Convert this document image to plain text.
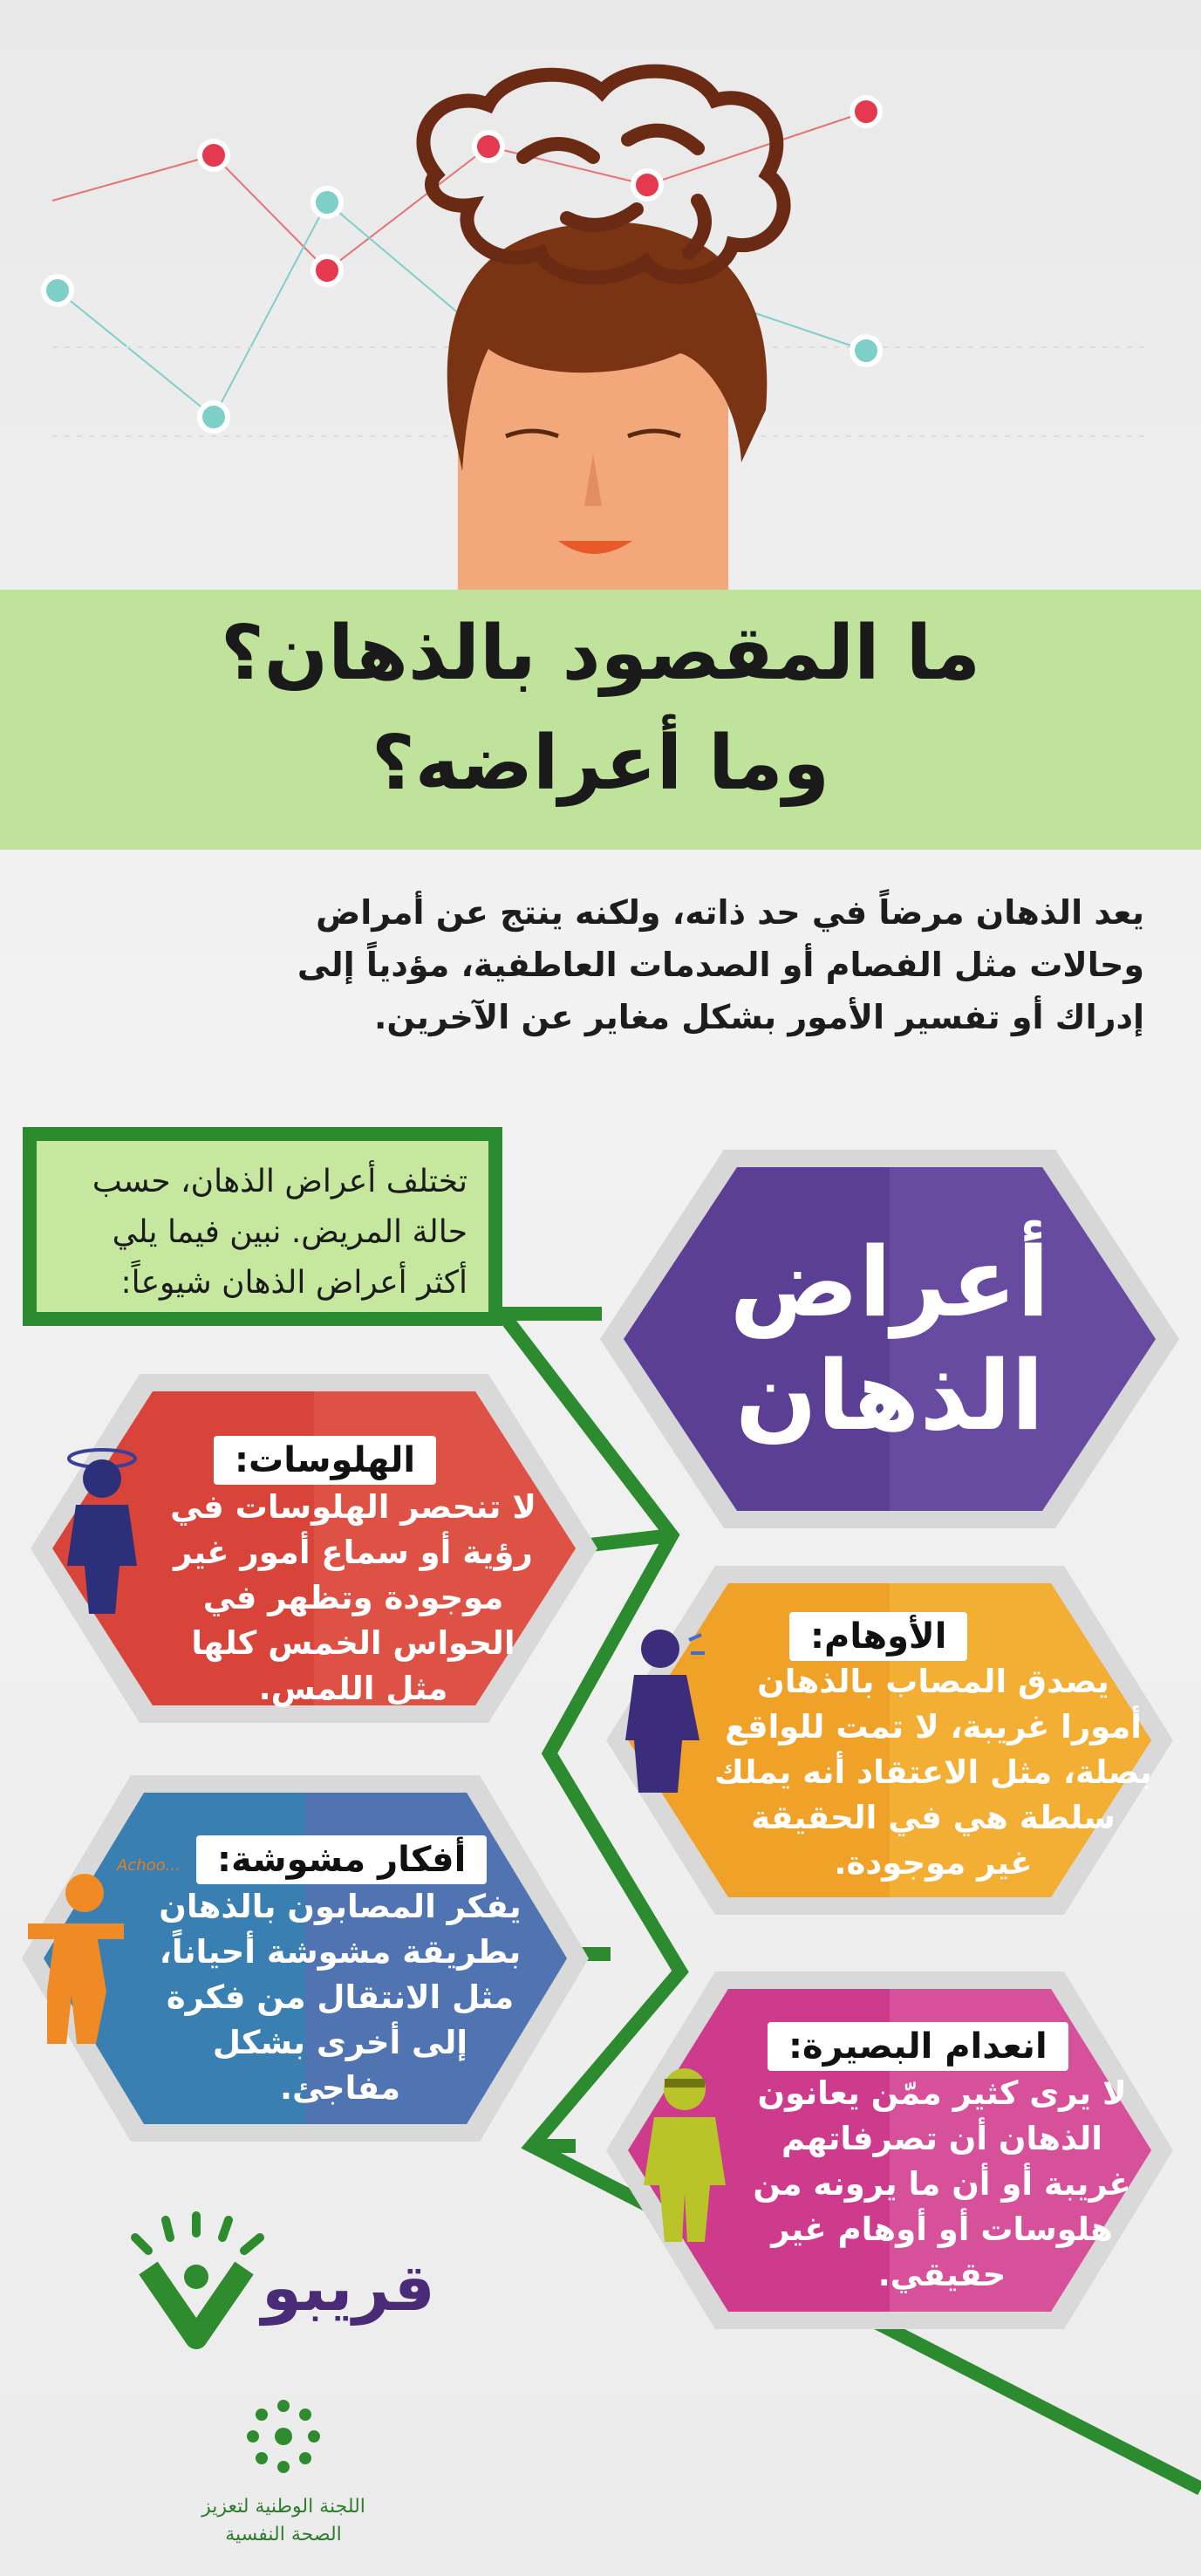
ما المقصود بالذهان؟
وما أعراضه؟
يعد الذهان مرضاً في حد ذاته، ولكنه ينتج عن أمراض
وحالات مثل الفصام أو الصدمات العاطفية، مؤدياً إلى
إدراك أو تفسير الأمور بشكل مغاير عن الآخرين.
تختلف أعراض الذهان، حسب
حالة المريض. نبين فيما يلي
أكثر أعراض الذهان شيوعاً:	أعراض
الذهان
الهلوسات:
لا تنحصر الهلوسات في
رؤية أو سماع أمور غير
موجودة وتظهر في
الحواس الخمس كلها
مثل اللمس.
الأوهام:
يصدق المصاب بالذهان
أمورا غريبة، لا تمت للواقع
بصلة، مثل الاعتقاد أنه يملك
سلطة هي في الحقيقة
غير موجودة.
Achoo...	أفكار مشوشة:
يفكر المصابون بالذهان
بطريقة مشوشة أحياناً،
مثل الانتقال من فكرة
إلى أخرى بشكل
مفاجئ.
انعدام البصيرة:
لا يرى كثير ممّن يعانون
الذهان أن تصرفاتهم
غريبة أو أن ما يرونه من
هلوسات أو أوهام غير
حقيقي.
قريبو
اللجنة الوطنية لتعزيز
الصحة النفسية
